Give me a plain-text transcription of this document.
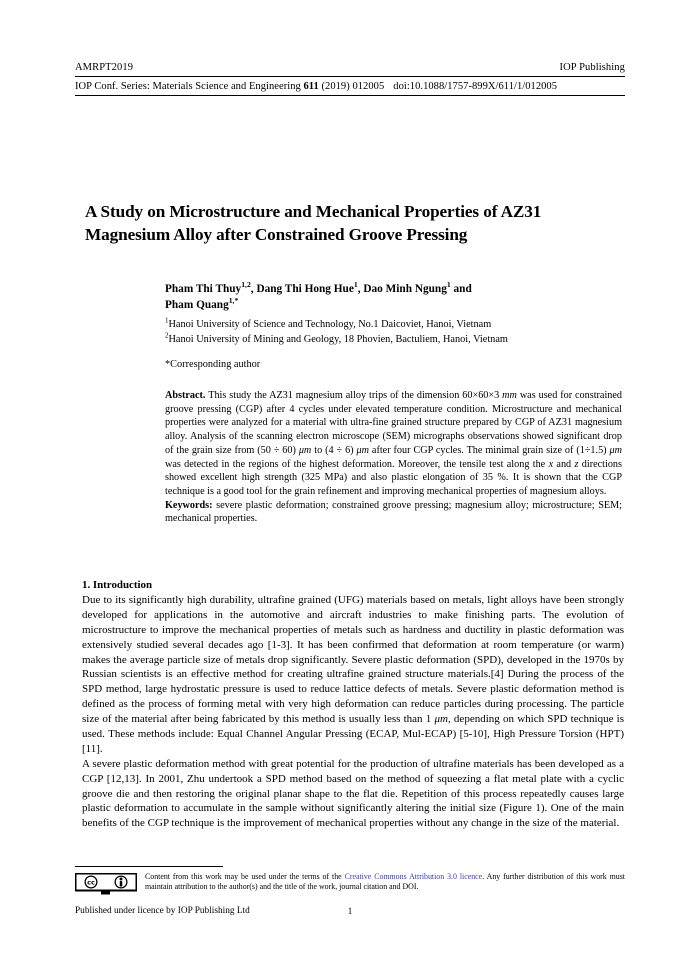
AMRPT2019	IOP Publishing
IOP Conf. Series: Materials Science and Engineering 611 (2019) 012005 doi:10.1088/1757-899X/611/1/012005
A Study on Microstructure and Mechanical Properties of AZ31 Magnesium Alloy after Constrained Groove Pressing
Pham Thi Thuy$^{1,2}$, Dang Thi Hong Hue$^1$, Dao Minh Ngung$^1$ and
Pham Quang$^{1,*}$
$^1$Hanoi University of Science and Technology, No.1 Daicoviet, Hanoi, Vietnam
$^2$Hanoi University of Mining and Geology, 18 Phovien, Bactuliem, Hanoi, Vietnam
*Corresponding author
Abstract. This study the AZ31 magnesium alloy trips of the dimension 60×60×3 mm was used for constrained groove pressing (CGP) after 4 cycles under elevated temperature condition. Microstructure and mechanical properties were analyzed for a material with ultra-fine grained structure prepared by CGP of AZ31 magnesium alloy. Analysis of the scanning electron microscope (SEM) micrographs observations showed significant drop of the grain size from (50 ÷ 60) μm to (4 ÷ 6) μm after four CGP cycles. The minimal grain size of (1÷1.5) μm was detected in the regions of the highest deformation. Moreover, the tensile test along the x and z directions showed excellent high strength (325 MPa) and also plastic elongation of 35 %. It is shown that the CGP technique is a good tool for the grain refinement and improving mechanical properties of magnesium alloys.
Keywords: severe plastic deformation; constrained groove pressing; magnesium alloy; microstructure; SEM; mechanical properties.
1. Introduction

Due to its significantly high durability, ultrafine grained (UFG) materials based on metals, light alloys have been strongly developed for applications in the automotive and aircraft industries to make finishing parts. The evolution of microstructure to improve the mechanical properties of metals such as hardness and ductility in plastic deformation was extensively studied several decades ago [1-3]. It has been confirmed that deformation at room temperature (or warm) makes the average particle size of metals drop significantly. Severe plastic deformation (SPD), developed in the 1970s by Russian scientists is an effective method for creating ultrafine grained structure materials.[4] During the process of the SPD method, large hydrostatic pressure is used to reduce lattice defects of metals. Severe plastic deformation method is defined as the process of forming metal with very high deformation can reduce particles during processing. The particle size of the material after being fabricated by this method is usually less than 1 μm, depending on which SPD technique is used. These methods include: Equal Channel Angular Pressing (ECAP, Mul-ECAP) [5-10], High Pressure Torsion (HPT) [11].

A severe plastic deformation method with great potential for the production of ultrafine materials has been developed as a CGP [12,13]. In 2001, Zhu undertook a SPD method based on the method of squeezing a flat metal plate with a cyclic groove die and then restoring the original planar shape to the flat die. Repetition of this process repeatedly causes large plastic deformation to accumulate in the sample without significantly altering the initial size (Figure 1). One of the main benefits of the CGP technique is the improvement of mechanical properties without any change in the size of the material.

cc
Content from this work may be used under the terms of the Creative Commons Attribution 3.0 licence. Any further distribution of this work must maintain attribution to the author(s) and the title of the work, journal citation and DOI.
Published under licence by IOP Publishing Ltd	1
